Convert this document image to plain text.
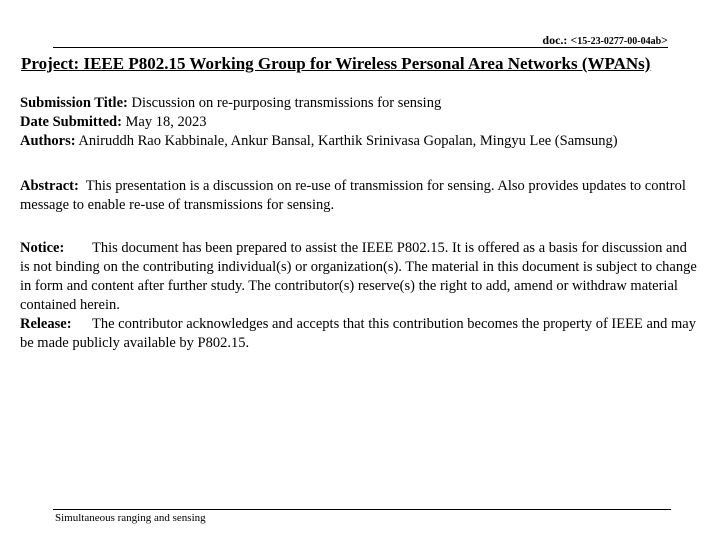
doc.: <15-23-0277-00-04ab>
Project: IEEE P802.15 Working Group for Wireless Personal Area Networks (WPANs)
Submission Title: Discussion on re-purposing transmissions for sensing
Date Submitted: May 18, 2023
Authors: Aniruddh Rao Kabbinale, Ankur Bansal, Karthik Srinivasa Gopalan, Mingyu Lee (Samsung)
Abstract: This presentation is a discussion on re-use of transmission for sensing. Also provides updates to control message to enable re-use of transmissions for sensing.
Notice: This document has been prepared to assist the IEEE P802.15. It is offered as a basis for discussion and is not binding on the contributing individual(s) or organization(s). The material in this document is subject to change in form and content after further study. The contributor(s) reserve(s) the right to add, amend or withdraw material contained herein.
Release: The contributor acknowledges and accepts that this contribution becomes the property of IEEE and may be made publicly available by P802.15.
Simultaneous ranging and sensing
